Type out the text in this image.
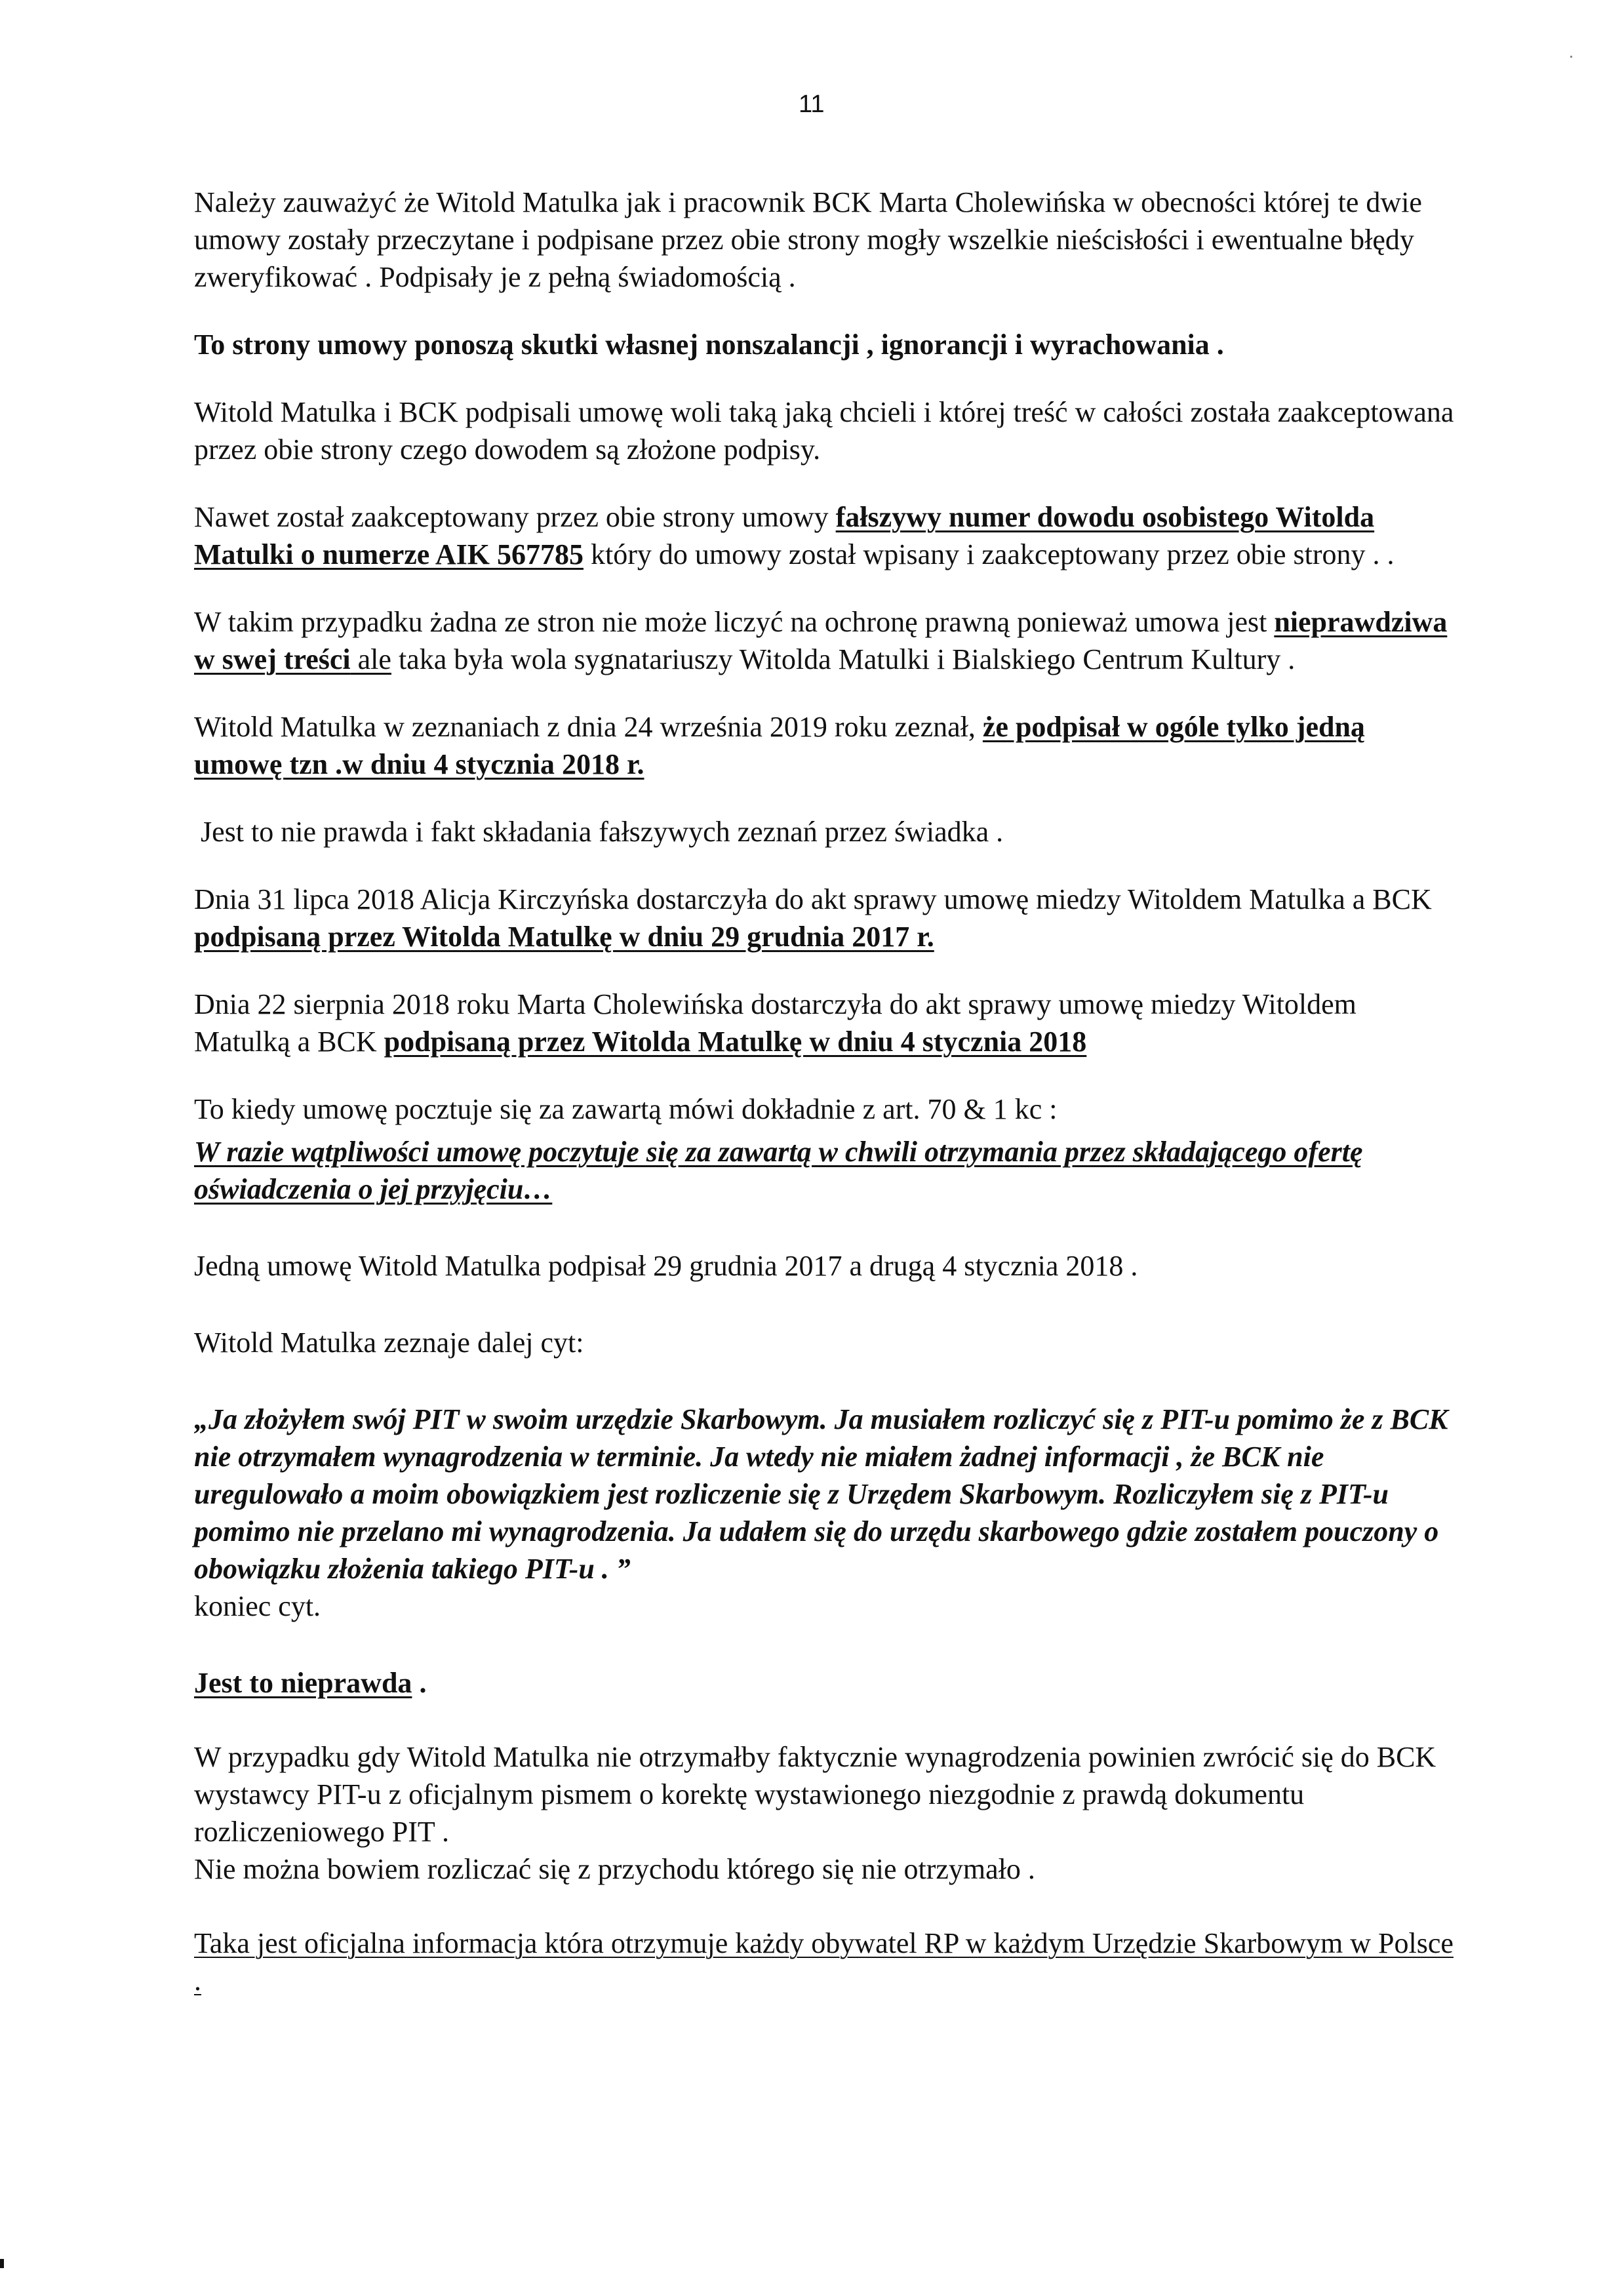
11

Należy zauważyć że Witold Matulka jak i pracownik BCK Marta Cholewińska w obecności której te dwie umowy zostały przeczytane i podpisane przez obie strony mogły wszelkie nieścisłości i ewentualne błędy zweryfikować . Podpisały je z pełną świadomością .

To strony umowy ponoszą skutki własnej nonszalancji , ignorancji i wyrachowania .

Witold Matulka i BCK podpisali umowę woli taką jaką chcieli i której treść w całości została zaakceptowana przez obie strony czego dowodem są złożone podpisy.

Nawet został zaakceptowany przez obie strony umowy fałszywy numer dowodu osobistego Witolda Matulki o numerze AIK 567785 który do umowy został wpisany i zaakceptowany przez obie strony . .

W takim przypadku żadna ze stron nie może liczyć na ochronę prawną ponieważ umowa jest nieprawdziwa w swej treści ale taka była wola sygnatariuszy Witolda Matulki i Bialskiego Centrum Kultury .

Witold Matulka w zeznaniach z dnia 24 września 2019 roku zeznał, że podpisał w ogóle tylko jedną umowę tzn .w dniu 4 stycznia 2018 r.

Jest to nie prawda i fakt składania fałszywych zeznań przez świadka .

Dnia 31 lipca 2018 Alicja Kirczyńska dostarczyła do akt sprawy umowę miedzy Witoldem Matulka a BCK podpisaną przez Witolda Matulkę w dniu 29 grudnia 2017 r.

Dnia 22 sierpnia 2018 roku Marta Cholewińska dostarczyła do akt sprawy umowę miedzy Witoldem Matulką a BCK podpisaną przez Witolda Matulkę w dniu 4 stycznia 2018

To kiedy umowę pocztuje się za zawartą mówi dokładnie z art. 70 & 1 kc :

W razie wątpliwości umowę poczytuje się za zawartą w chwili otrzymania przez składającego ofertę oświadczenia o jej przyjęciu…

Jedną umowę Witold Matulka podpisał 29 grudnia 2017 a drugą 4 stycznia 2018 .

Witold Matulka zeznaje dalej cyt:

„Ja złożyłem swój PIT w swoim urzędzie Skarbowym. Ja musiałem rozliczyć się z PIT-u pomimo że z BCK nie otrzymałem wynagrodzenia w terminie. Ja wtedy nie miałem żadnej informacji , że BCK nie uregulowało a moim obowiązkiem jest rozliczenie się z Urzędem Skarbowym. Rozliczyłem się z PIT-u pomimo nie przelano mi wynagrodzenia. Ja udałem się do urzędu skarbowego gdzie zostałem pouczony o obowiązku złożenia takiego PIT-u . ”
koniec cyt.

Jest to nieprawda .

W przypadku gdy Witold Matulka nie otrzymałby faktycznie wynagrodzenia powinien zwrócić się do BCK wystawcy PIT-u z oficjalnym pismem o korektę wystawionego niezgodnie z prawdą dokumentu rozliczeniowego PIT .

Nie można bowiem rozliczać się z przychodu którego się nie otrzymało .

Taka jest oficjalna informacja która otrzymuje każdy obywatel RP w każdym Urzędzie Skarbowym w Polsce .
